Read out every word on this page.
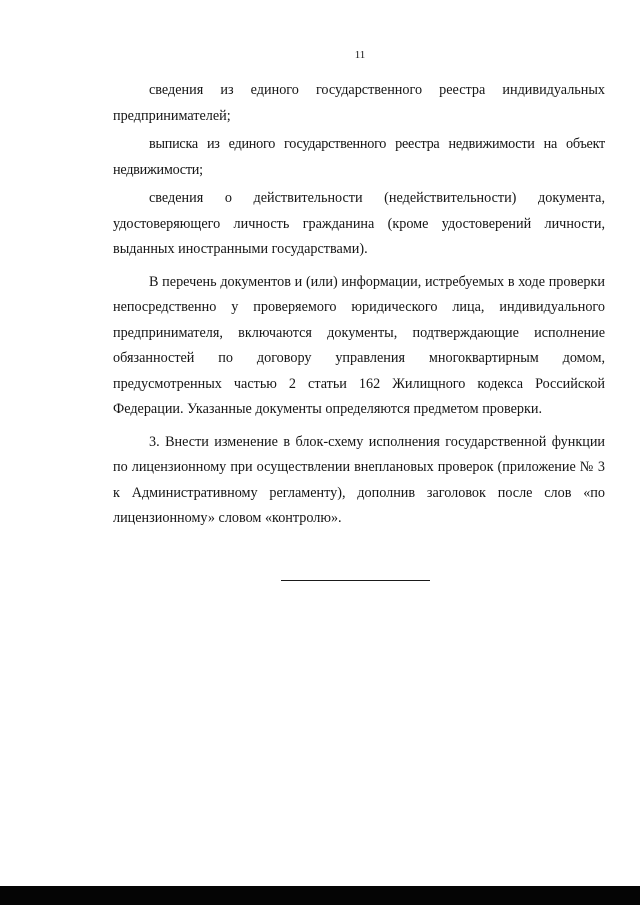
11

сведения из единого государственного реестра индивидуальных предпринимателей;

выписка из единого государственного реестра недвижимости на объект недвижимости;

сведения о действительности (недействительности) документа, удостоверяющего личность гражданина (кроме удостоверений личности, выданных иностранными государствами).

В перечень документов и (или) информации, истребуемых в ходе проверки непосредственно у проверяемого юридического лица, индивидуального предпринимателя, включаются документы, подтверждающие исполнение обязанностей по договору управления многоквартирным домом, предусмотренных частью 2 статьи 162 Жилищного кодекса Российской Федерации. Указанные документы определяются предметом проверки.

3. Внести изменение в блок-схему исполнения государственной функции по лицензионному при осуществлении внеплановых проверок (приложение № 3 к Административному регламенту), дополнив заголовок после слов «по лицензионному» словом «контролю».
